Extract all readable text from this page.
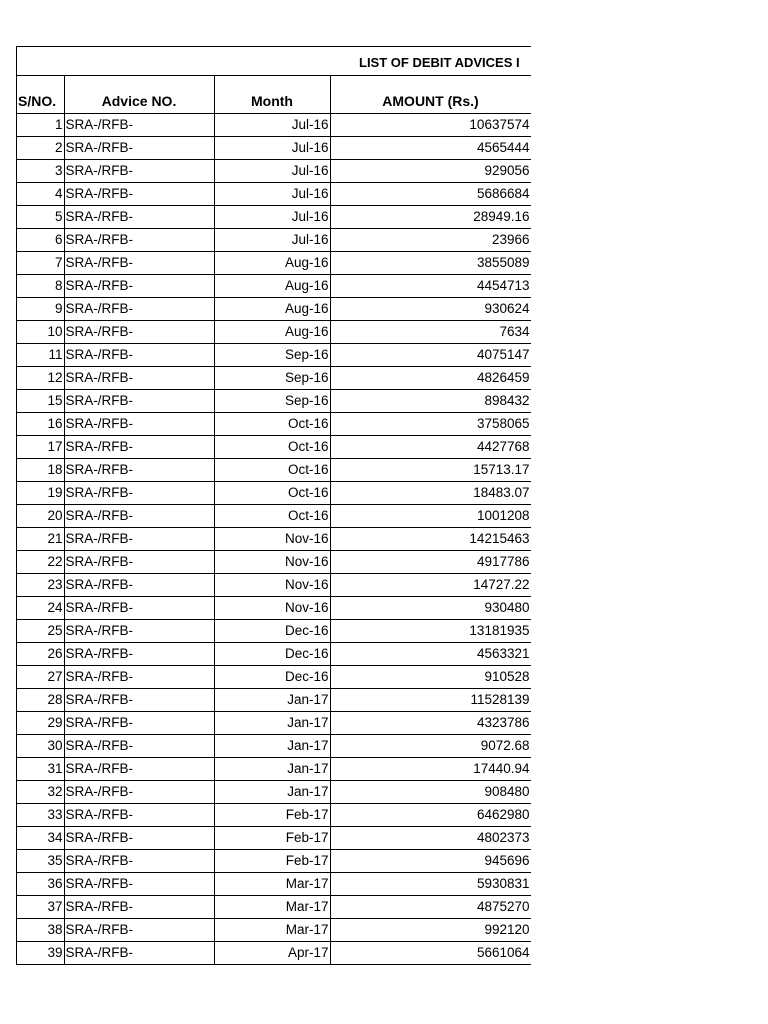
LIST OF DEBIT ADVICES I
S/NO.	Advice NO.	Month	AMOUNT (Rs.)
1	SRA-/RFB-	Jul-16	10637574
2	SRA-/RFB-	Jul-16	4565444
3	SRA-/RFB-	Jul-16	929056
4	SRA-/RFB-	Jul-16	5686684
5	SRA-/RFB-	Jul-16	28949.16
6	SRA-/RFB-	Jul-16	23966
7	SRA-/RFB-	Aug-16	3855089
8	SRA-/RFB-	Aug-16	4454713
9	SRA-/RFB-	Aug-16	930624
10	SRA-/RFB-	Aug-16	7634
11	SRA-/RFB-	Sep-16	4075147
12	SRA-/RFB-	Sep-16	4826459
15	SRA-/RFB-	Sep-16	898432
16	SRA-/RFB-	Oct-16	3758065
17	SRA-/RFB-	Oct-16	4427768
18	SRA-/RFB-	Oct-16	15713.17
19	SRA-/RFB-	Oct-16	18483.07
20	SRA-/RFB-	Oct-16	1001208
21	SRA-/RFB-	Nov-16	14215463
22	SRA-/RFB-	Nov-16	4917786
23	SRA-/RFB-	Nov-16	14727.22
24	SRA-/RFB-	Nov-16	930480
25	SRA-/RFB-	Dec-16	13181935
26	SRA-/RFB-	Dec-16	4563321
27	SRA-/RFB-	Dec-16	910528
28	SRA-/RFB-	Jan-17	11528139
29	SRA-/RFB-	Jan-17	4323786
30	SRA-/RFB-	Jan-17	9072.68
31	SRA-/RFB-	Jan-17	17440.94
32	SRA-/RFB-	Jan-17	908480
33	SRA-/RFB-	Feb-17	6462980
34	SRA-/RFB-	Feb-17	4802373
35	SRA-/RFB-	Feb-17	945696
36	SRA-/RFB-	Mar-17	5930831
37	SRA-/RFB-	Mar-17	4875270
38	SRA-/RFB-	Mar-17	992120
39	SRA-/RFB-	Apr-17	5661064
